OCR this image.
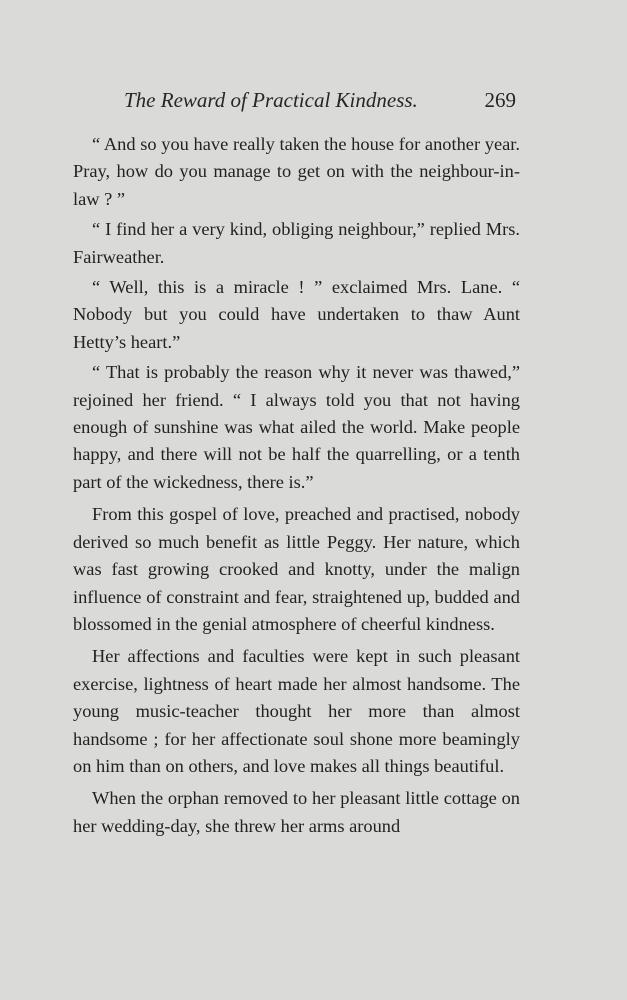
The Reward of Practical Kindness.	269

“ And so you have really taken the house for another year. Pray, how do you manage to get on with the neighbour-in-law ? ”

“ I find her a very kind, obliging neighbour,” replied Mrs. Fairweather.

“ Well, this is a miracle ! ” exclaimed Mrs. Lane. “ Nobody but you could have undertaken to thaw Aunt Hetty’s heart.”

“ That is probably the reason why it never was thawed,” rejoined her friend. “ I always told you that not having enough of sunshine was what ailed the world. Make people happy, and there will not be half the quarrelling, or a tenth part of the wickedness, there is.”

From this gospel of love, preached and practised, nobody derived so much benefit as little Peggy. Her nature, which was fast growing crooked and knotty, under the malign influence of constraint and fear, straightened up, budded and blossomed in the genial atmosphere of cheerful kindness.

Her affections and faculties were kept in such pleasant exercise, lightness of heart made her almost handsome. The young music-teacher thought her more than almost handsome ; for her affectionate soul shone more beamingly on him than on others, and love makes all things beautiful.

When the orphan removed to her pleasant little cottage on her wedding-day, she threw her arms around
